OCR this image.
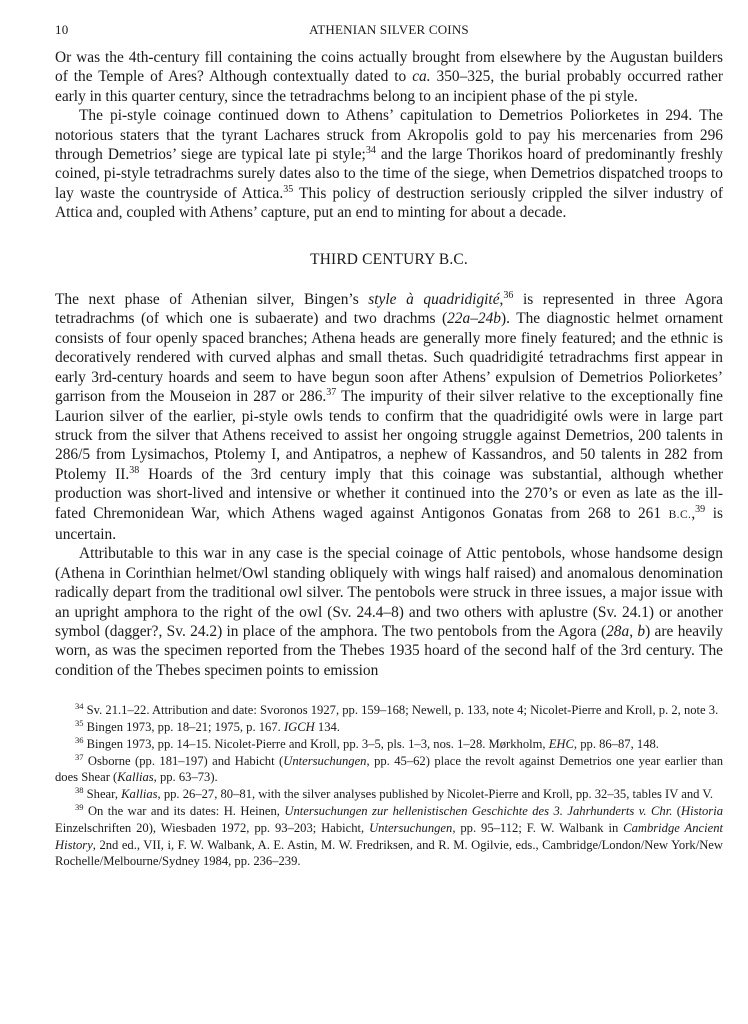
10	ATHENIAN SILVER COINS

Or was the 4th-century fill containing the coins actually brought from elsewhere by the Augustan builders of the Temple of Ares? Although contextually dated to ca. 350–325, the burial probably occurred rather early in this quarter century, since the tetradrachms belong to an incipient phase of the pi style.

The pi-style coinage continued down to Athens’ capitulation to Demetrios Poliorketes in 294. The notorious staters that the tyrant Lachares struck from Akropolis gold to pay his mercenaries from 296 through Demetrios’ siege are typical late pi style;$^{34}$ and the large Thorikos hoard of predominantly freshly coined, pi-style tetradrachms surely dates also to the time of the siege, when Demetrios dispatched troops to lay waste the countryside of Attica.$^{35}$ This policy of destruction seriously crippled the silver industry of Attica and, coupled with Athens’ capture, put an end to minting for about a decade.

THIRD CENTURY B.C.

The next phase of Athenian silver, Bingen’s style à quadridigité,$^{36}$ is represented in three Agora tetradrachms (of which one is subaerate) and two drachms (22a–24b). The diagnostic helmet ornament consists of four openly spaced branches; Athena heads are generally more finely featured; and the ethnic is decoratively rendered with curved alphas and small thetas. Such quadridigité tetradrachms first appear in early 3rd-century hoards and seem to have begun soon after Athens’ expulsion of Demetrios Poliorketes’ garrison from the Mouseion in 287 or 286.37 The impurity of their silver relative to the exceptionally fine Laurion silver of the earlier, pi-style owls tends to confirm that the quadridigité owls were in large part struck from the silver that Athens received to assist her ongoing struggle against Demetrios, 200 talents in 286/5 from Lysimachos, Ptolemy I, and Antipatros, a nephew of Kassandros, and 50 talents in 282 from Ptolemy II.$^{38}$ Hoards of the 3rd century imply that this coinage was substantial, although whether production was short-lived and intensive or whether it continued into the 270’s or even as late as the ill-fated Chremonidean War, which Athens waged against Antigonos Gonatas from 268 to 261 B.C.,$^{39}$ is uncertain.

Attributable to this war in any case is the special coinage of Attic pentobols, whose handsome design (Athena in Corinthian helmet/Owl standing obliquely with wings half raised) and anomalous denomination radically depart from the traditional owl silver. The pentobols were struck in three issues, a major issue with an upright amphora to the right of the owl (Sv. 24.4–8) and two others with aplustre (Sv. 24.1) or another symbol (dagger?, Sv. 24.2) in place of the amphora. The two pentobols from the Agora (28a, b) are heavily worn, as was the specimen reported from the Thebes 1935 hoard of the second half of the 3rd century. The condition of the Thebes specimen points to emission

$^{34}$ Sv. 21.1–22. Attribution and date: Svoronos 1927, pp. 159–168; Newell, p. 133, note 4; Nicolet-Pierre and Kroll, p. 2, note 3.

$^{35}$ Bingen 1973, pp. 18–21; 1975, p. 167. IGCH 134.

$^{36}$ Bingen 1973, pp. 14–15. Nicolet-Pierre and Kroll, pp. 3–5, pls. 1–3, nos. 1–28. Mørkholm, EHC, pp. 86–87, 148.

$^{37}$ Osborne (pp. 181–197) and Habicht (Untersuchungen, pp. 45–62) place the revolt against Demetrios one year earlier than does Shear (Kallias, pp. 63–73).

$^{38}$ Shear, Kallias, pp. 26–27, 80–81, with the silver analyses published by Nicolet-Pierre and Kroll, pp. 32–35, tables IV and V.

$^{39}$ On the war and its dates: H. Heinen, Untersuchungen zur hellenistischen Geschichte des 3. Jahrhunderts v. Chr. (Historia Einzelschriften 20), Wiesbaden 1972, pp. 93–203; Habicht, Untersuchungen, pp. 95–112; F. W. Walbank in Cambridge Ancient History, 2nd ed., VII, i, F. W. Walbank, A. E. Astin, M. W. Fredriksen, and R. M. Ogilvie, eds., Cambridge/London/New York/New Rochelle/Melbourne/Sydney 1984, pp. 236–239.
